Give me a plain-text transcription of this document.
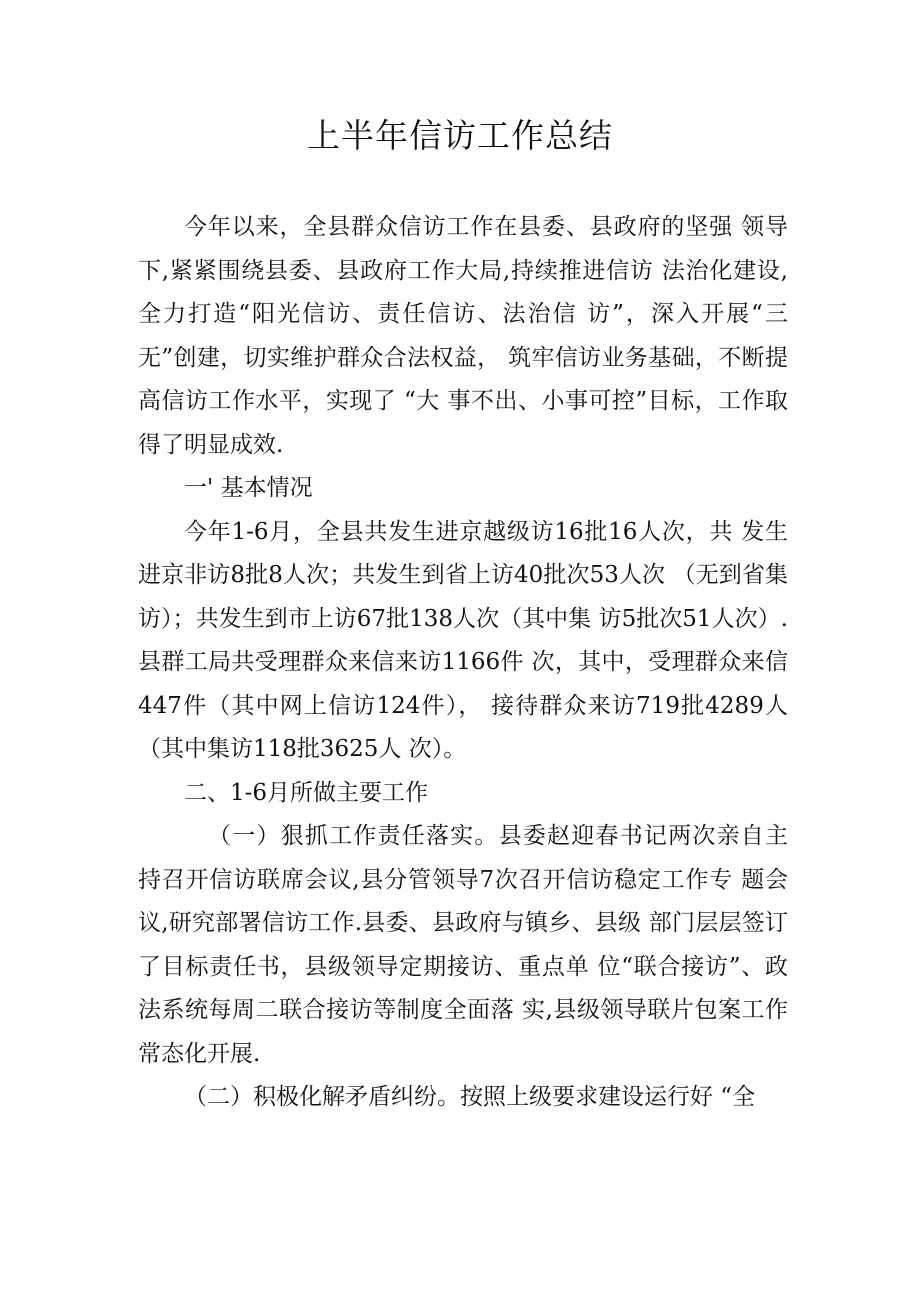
上半年信访工作总结

今年以来，全县群众信访工作在县委、县政府的坚强 领导下,紧紧围绕县委、县政府工作大局,持续推进信访 法治化建设,全力打造“阳光信访、责任信访、法治信 访”，深入开展“三无”创建，切实维护群众合法权益， 筑牢信访业务基础，不断提高信访工作水平，实现了 “大 事不出、小事可控”目标，工作取得了明显成效.

一' 基本情况

今年1-6月，全县共发生进京越级访16批16人次，共 发生进京非访8批8人次；共发生到省上访40批次53人次 （无到省集访）；共发生到市上访67批138人次（其中集 访5批次51人次）.县群工局共受理群众来信来访1166件 次，其中，受理群众来信447件（其中网上信访124件）， 接待群众来访719批4289人（其中集访118批3625人 次）。

二、1-6月所做主要工作

（一）狠抓工作责任落实。县委赵迎春书记两次亲自主 持召开信访联席会议,县分管领导7次召开信访稳定工作专 题会议,研究部署信访工作.县委、县政府与镇乡、县级 部门层层签订了目标责任书，县级领导定期接访、重点单 位“联合接访”、政法系统每周二联合接访等制度全面落 实,县级领导联片包案工作常态化开展.

（二）积极化解矛盾纠纷。按照上级要求建设运行好 “全
